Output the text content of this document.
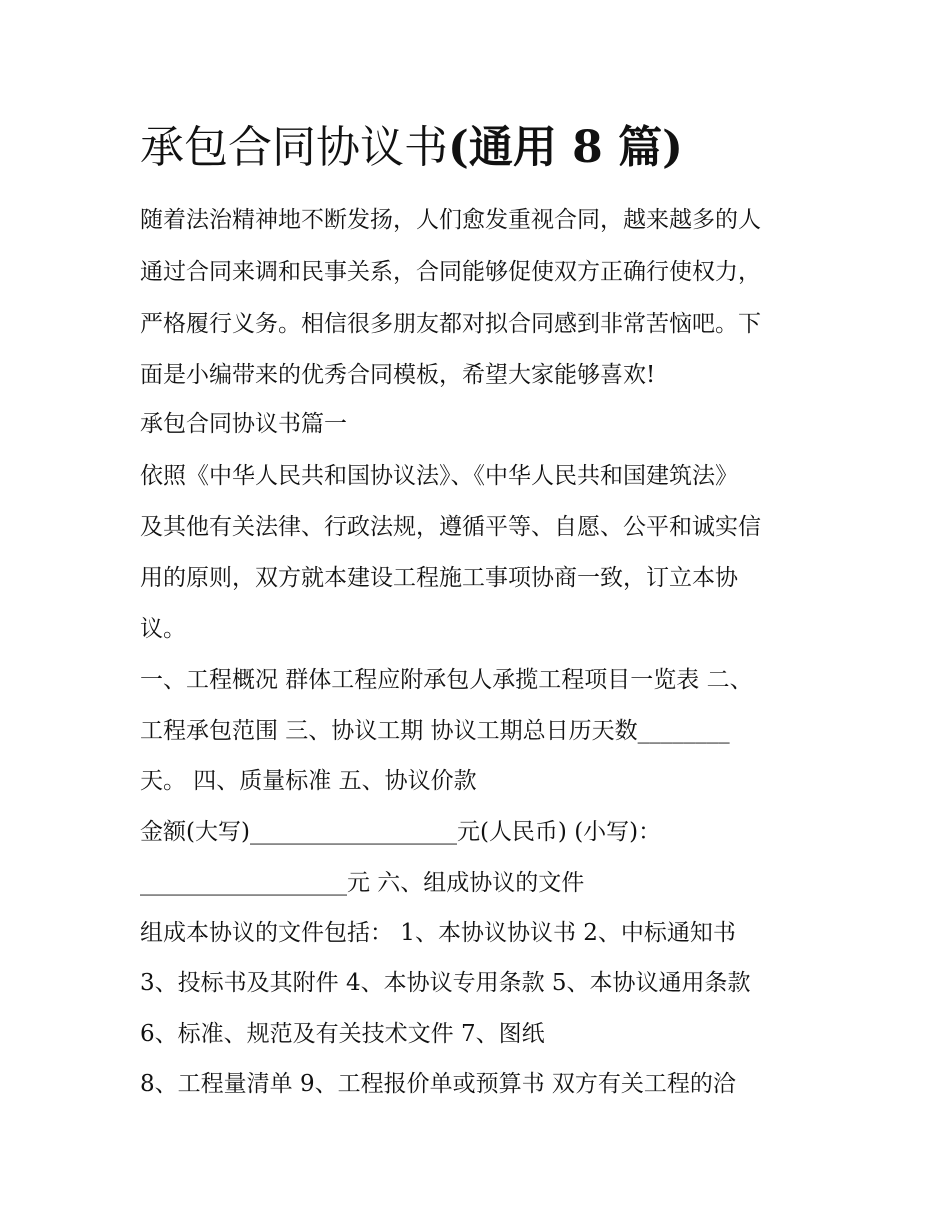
承包合同协议书(通用 8 篇)

随着法治精神地不断发扬，人们愈发重视合同，越来越多的人

通过合同来调和民事关系，合同能够促使双方正确行使权力，

严格履行义务。相信很多朋友都对拟合同感到非常苦恼吧。下

面是小编带来的优秀合同模板，希望大家能够喜欢!

承包合同协议书篇一

依照《中华人民共和国协议法》、《中华人民共和国建筑法》

及其他有关法律、行政法规，遵循平等、自愿、公平和诚实信

用的原则，双方就本建设工程施工事项协商一致，订立本协

议。

一、工程概况 群体工程应附承包人承揽工程项目一览表 二、

工程承包范围 三、协议工期 协议工期总日历天数________

天。 四、质量标准 五、协议价款

金额(大写)__________________元(人民币) (小写)：

__________________元 六、组成协议的文件

组成本协议的文件包括： 1、本协议协议书 2、中标通知书

3、投标书及其附件 4、本协议专用条款 5、本协议通用条款

6、标准、规范及有关技术文件 7、图纸

8、工程量清单 9、工程报价单或预算书 双方有关工程的洽
